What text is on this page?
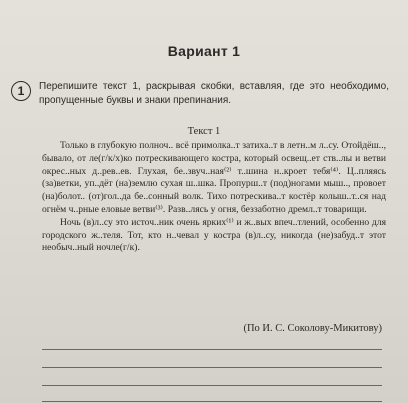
Вариант 1
1	Перепишите текст 1, раскрывая скобки, вставляя, где это необходимо, пропущенные буквы и знаки препинания.
Текст 1

Только в глубокую полноч.. всё примолка..т затиха..т в летн..м л..су. Отойдёш.., бывало, от ле(г/к/х)ко потрескивающего костра, который освещ..ет ств..лы и ветви окрес..ных д..рев..ев. Глухая, бе..звуч..ная⁽²⁾ т..шина н..кроет тебя⁽⁴⁾. Ц..пляясь (за)ветки, уп..дёт (на)землю сухая ш..шка. Пропурш..т (под)ногами мыш.., провоет (на)болот.. (от)гол..да бе..сонный волк. Тихо потрескива..т костёр колыш..т..ся над огнём ч..рные еловые ветви⁽³⁾. Разв..лясь у огня, беззаботно дремл..т товарищи.

Ночь (в)л..су это источ..ник очень ярких⁽¹⁾ и ж..вых впеч..тлений, особенно для городского ж..теля. Тот, кто н..чевал у костра (в)л..су, никогда (не)забуд..т этот необыч..ный ночле(г/к).

(По И. С. Соколову-Микитову)
